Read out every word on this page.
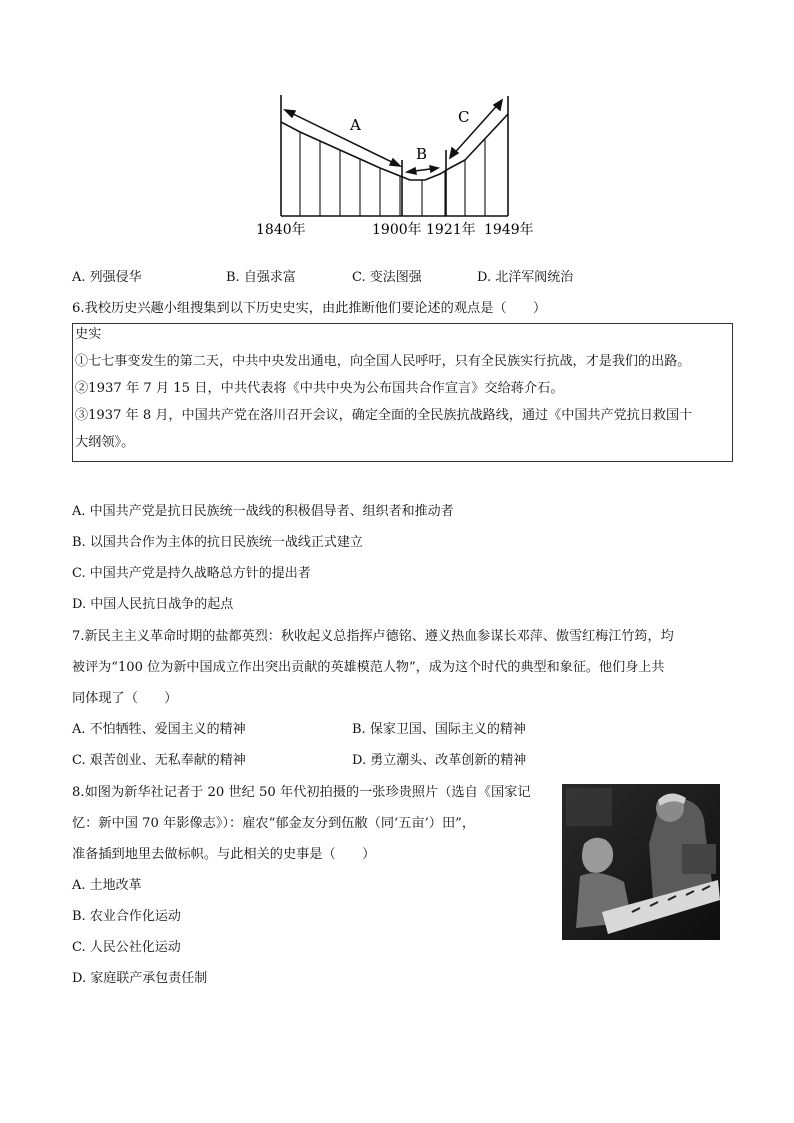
A
B
C
1840年	1900年 1921年 1949年
A. 列强侵华	B. 自强求富	C. 变法图强	D. 北洋军阀统治
6.我校历史兴趣小组搜集到以下历史史实，由此推断他们要论述的观点是（　　）
史实
①七七事变发生的第二天，中共中央发出通电，向全国人民呼吁，只有全民族实行抗战，才是我们的出路。
②1937 年 7 月 15 日，中共代表将《中共中央为公布国共合作宣言》交给蒋介石。
③1937 年 8 月，中国共产党在洛川召开会议，确定全面的全民族抗战路线，通过《中国共产党抗日救国十
大纲领》。
A. 中国共产党是抗日民族统一战线的积极倡导者、组织者和推动者
B. 以国共合作为主体的抗日民族统一战线正式建立
C. 中国共产党是持久战略总方针的提出者
D. 中国人民抗日战争的起点
7.新民主主义革命时期的盐都英烈：秋收起义总指挥卢德铭、遵义热血参谋长邓萍、傲雪红梅江竹筠，均
被评为“100 位为新中国成立作出突出贡献的英雄模范人物”，成为这个时代的典型和象征。他们身上共
同体现了（　　）
A. 不怕牺牲、爱国主义的精神	B. 保家卫国、国际主义的精神
C. 艰苦创业、无私奉献的精神	D. 勇立潮头、改革创新的精神
8.如图为新华社记者于 20 世纪 50 年代初拍摄的一张珍贵照片（选自《国家记
忆：新中国 70 年影像志》）：雇农“郁金友分到伍敝（同‘五亩’）田”，
准备插到地里去做标帜。与此相关的史事是（　　）
A. 土地改革
B. 农业合作化运动
C. 人民公社化运动
D. 家庭联产承包责任制
